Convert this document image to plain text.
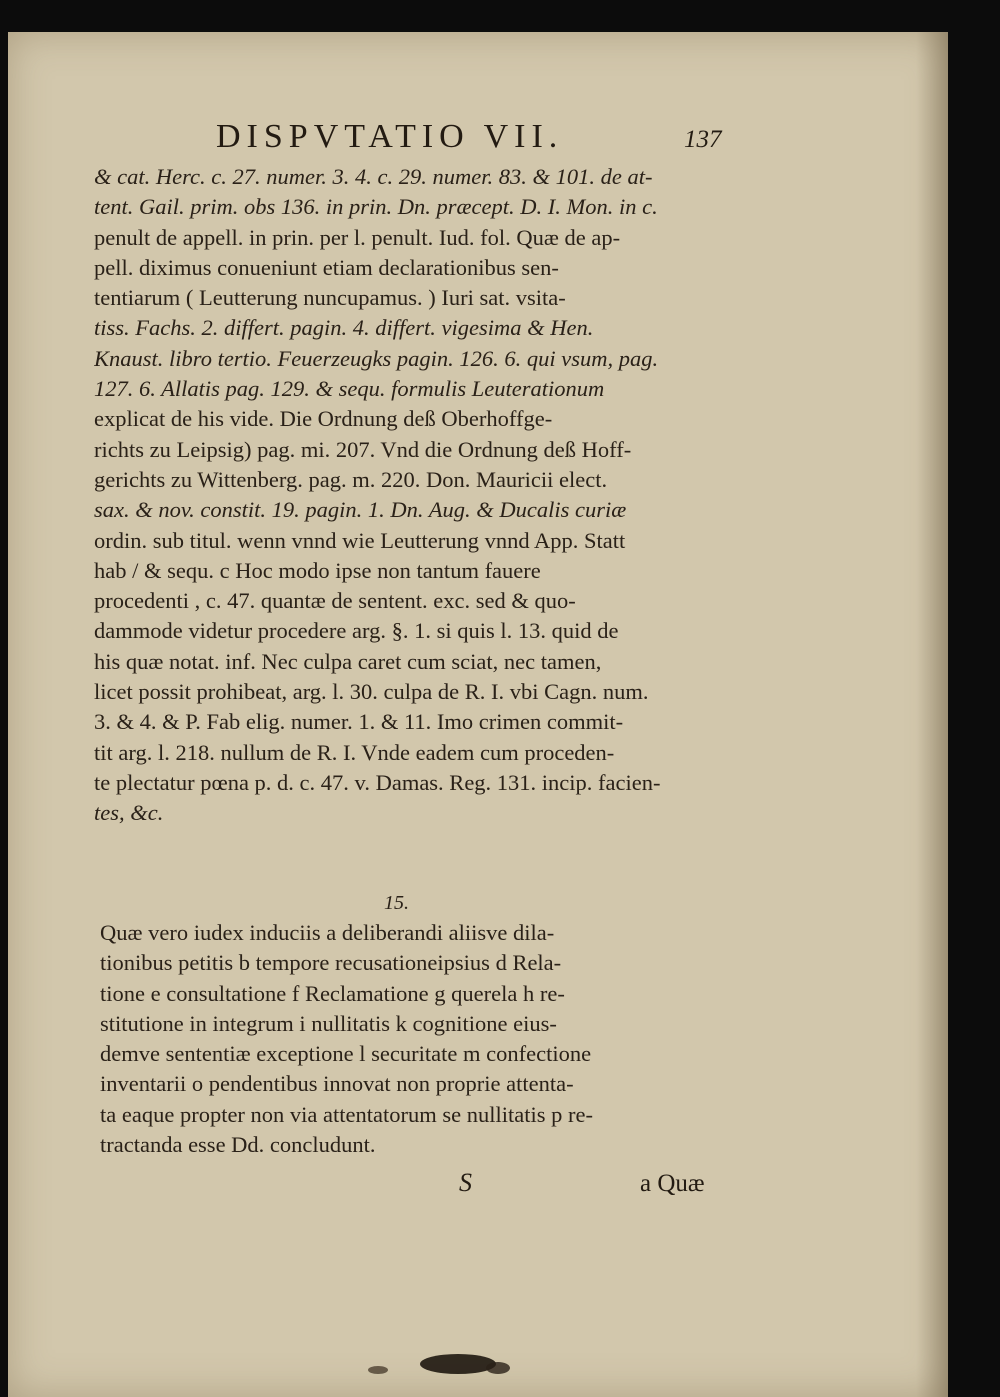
DISPVTATIO VII.	137
& cat. Herc. c. 27. numer. 3. 4. c. 29. numer. 83. & 101. de at-
tent. Gail. prim. obs 136. in prin. Dn. præcept. D. I. Mon. in c.
penult de appell. in prin. per l. penult. Iud. fol. Quæ de ap-
pell. diximus conueniunt etiam declarationibus sen-
tentiarum ( Leutterung nuncupamus. ) Iuri sat. vsita-
tiss. Fachs. 2. differt. pagin. 4. differt. vigesima & Hen.
Knaust. libro tertio. Feuerzeugks pagin. 126. 6. qui vsum, pag.
127. 6. Allatis pag. 129. & sequ. formulis Leuterationum
explicat de his vide. Die Ordnung deß Oberhoffge-
richts zu Leipsig) pag. mi. 207. Vnd die Ordnung deß Hoff-
gerichts zu Wittenberg. pag. m. 220. Don. Mauricii elect.
sax. & nov. constit. 19. pagin. 1. Dn. Aug. & Ducalis curiæ
ordin. sub titul. wenn vnnd wie Leutterung vnnd App. Statt
hab / & sequ. c Hoc modo ipse non tantum fauere
procedenti , c. 47. quantæ de sentent. exc. sed & quo-
dammode videtur procedere arg. §. 1. si quis l. 13. quid de
his quæ notat. inf. Nec culpa caret cum sciat, nec tamen,
licet possit prohibeat, arg. l. 30. culpa de R. I. vbi Cagn. num.
3. & 4. & P. Fab elig. numer. 1. & 11. Imo crimen commit-
tit arg. l. 218. nullum de R. I. Vnde eadem cum proceden-
te plectatur pœna p. d. c. 47. v. Damas. Reg. 131. incip. facien-
tes, &c.
15.
Quæ vero iudex induciis a deliberandi aliisve dila-
tionibus petitis b tempore recusationeipsius d Rela-
tione e consultatione f Reclamatione g querela h re-
stitutione in integrum i nullitatis k cognitione eius-
demve sententiæ exceptione l securitate m confectione
inventarii o pendentibus innovat non proprie attenta-
ta eaque propter non via attentatorum se nullitatis p re-
tractanda esse Dd. concludunt.
S	a Quæ
